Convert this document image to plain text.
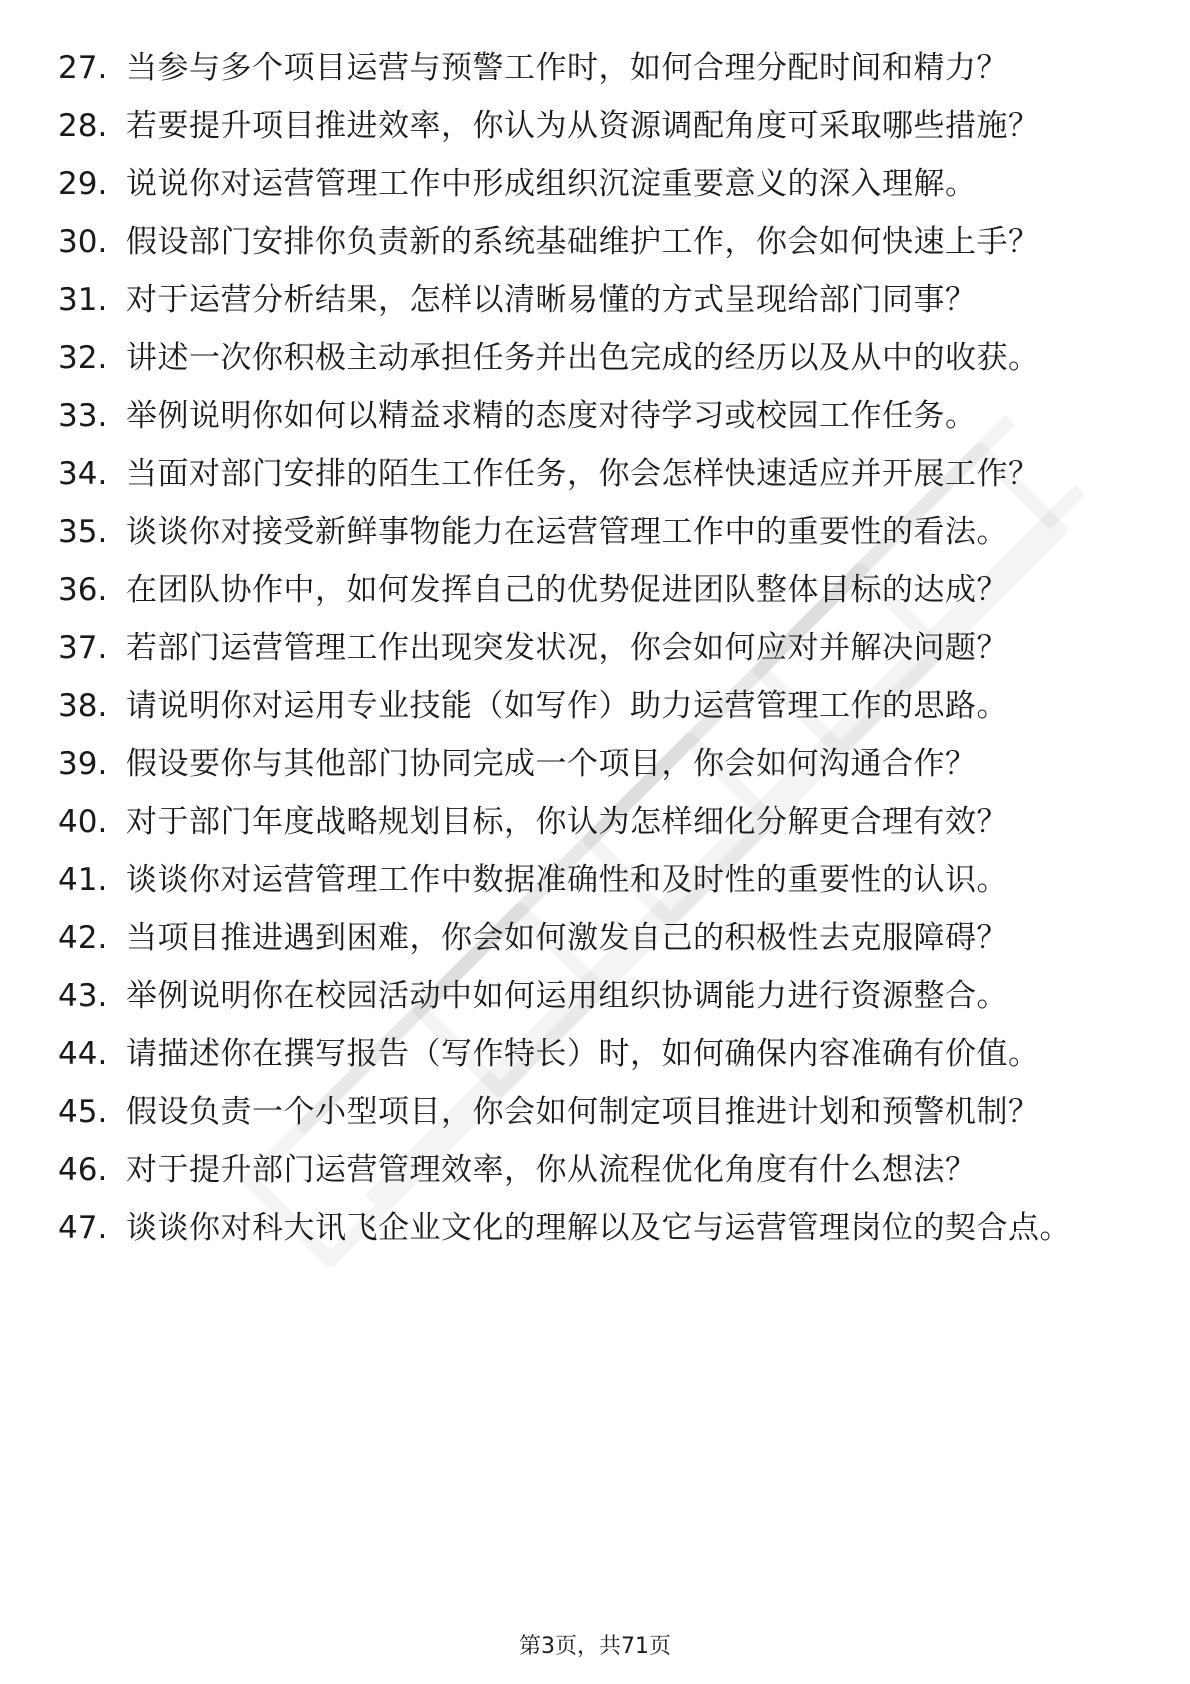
27. 当参与多个项目运营与预警工作时，如何合理分配时间和精力？
28. 若要提升项目推进效率，你认为从资源调配角度可采取哪些措施？
29. 说说你对运营管理工作中形成组织沉淀重要意义的深入理解。
30. 假设部门安排你负责新的系统基础维护工作，你会如何快速上手？
31. 对于运营分析结果，怎样以清晰易懂的方式呈现给部门同事？
32. 讲述一次你积极主动承担任务并出色完成的经历以及从中的收获。
33. 举例说明你如何以精益求精的态度对待学习或校园工作任务。
34. 当面对部门安排的陌生工作任务，你会怎样快速适应并开展工作？
35. 谈谈你对接受新鲜事物能力在运营管理工作中的重要性的看法。
36. 在团队协作中，如何发挥自己的优势促进团队整体目标的达成？
37. 若部门运营管理工作出现突发状况，你会如何应对并解决问题？
38. 请说明你对运用专业技能（如写作）助力运营管理工作的思路。
39. 假设要你与其他部门协同完成一个项目，你会如何沟通合作？
40. 对于部门年度战略规划目标，你认为怎样细化分解更合理有效？
41. 谈谈你对运营管理工作中数据准确性和及时性的重要性的认识。
42. 当项目推进遇到困难，你会如何激发自己的积极性去克服障碍？
43. 举例说明你在校园活动中如何运用组织协调能力进行资源整合。
44. 请描述你在撰写报告（写作特长）时，如何确保内容准确有价值。
45. 假设负责一个小型项目，你会如何制定项目推进计划和预警机制？
46. 对于提升部门运营管理效率，你从流程优化角度有什么想法？
47. 谈谈你对科大讯飞企业文化的理解以及它与运营管理岗位的契合点。
第3页，共71页
